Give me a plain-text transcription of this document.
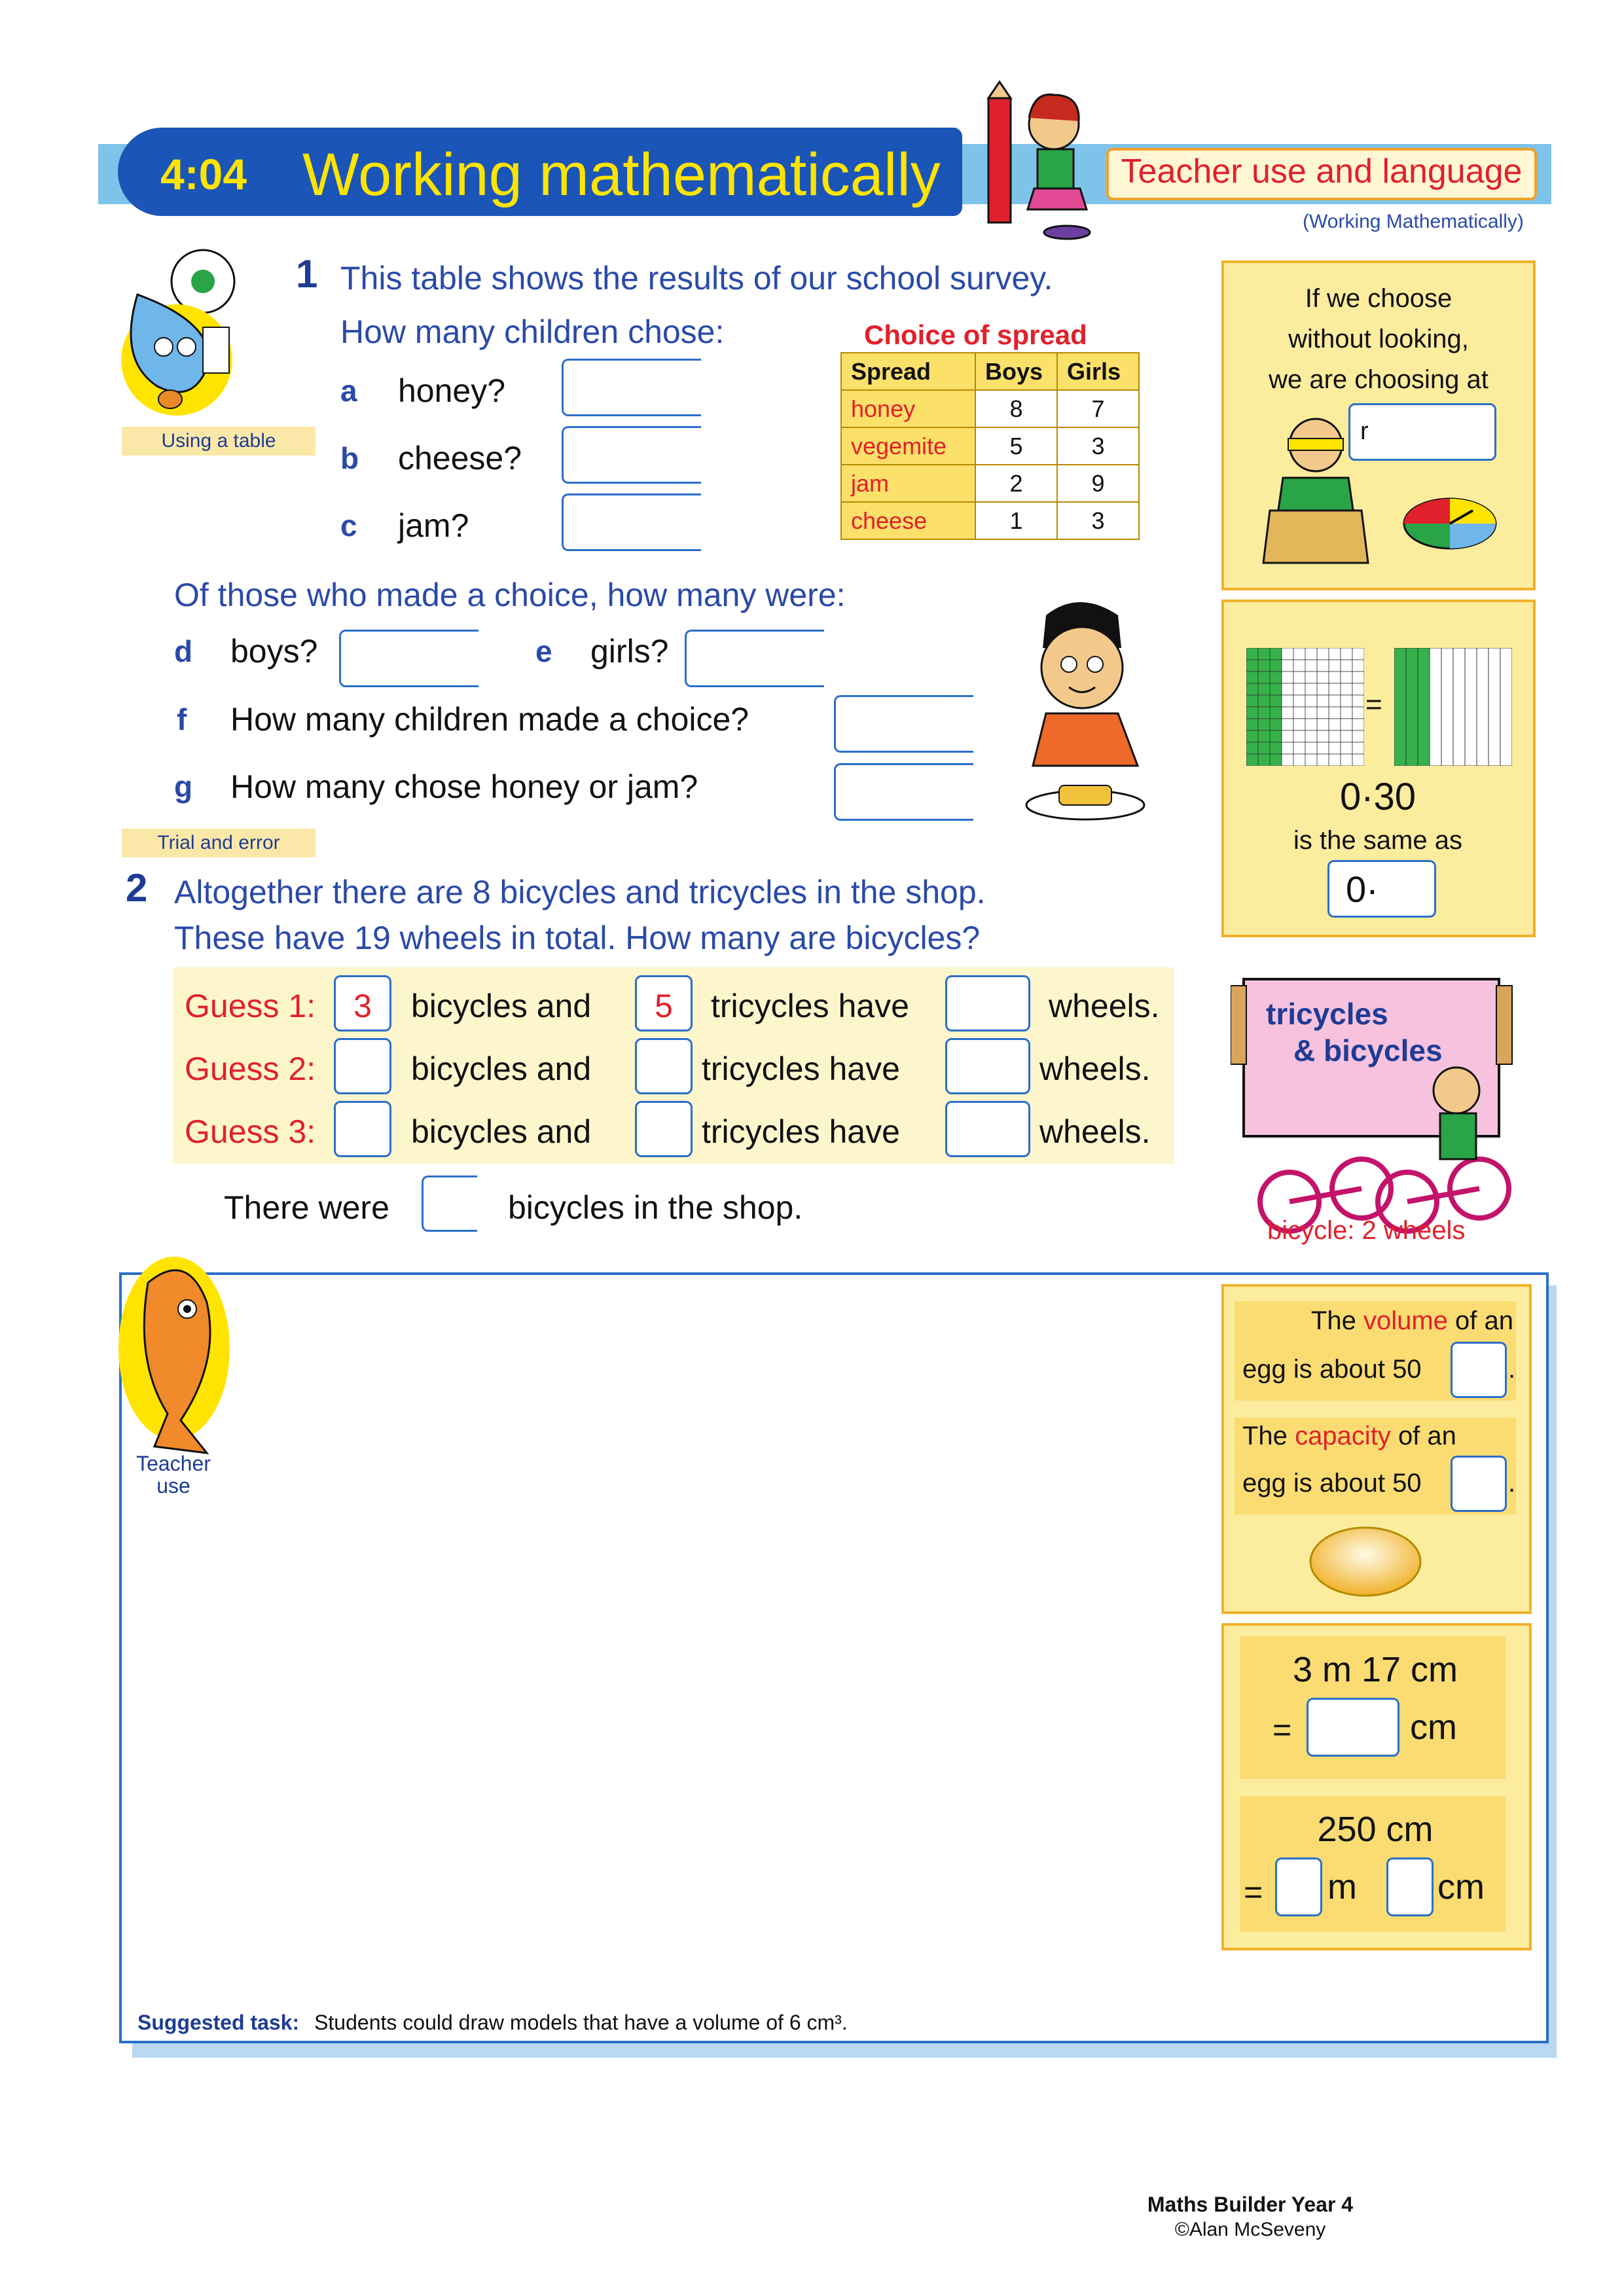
4:04 Working mathematically	Teacher use and language
(Working Mathematically)
Using a table
1 This table shows the results of our school survey.
How many children chose:
a honey?
b cheese?
c jam?
Choice of spread
Spread	Boys	Girls
honey	8	7
vegemite	5	3
jam	2	9
cheese	1	3
Of those who made a choice, how many were:
d boys?	e girls?
f How many children made a choice?
g How many chose honey or jam?
Trial and error
2 Altogether there are 8 bicycles and tricycles in the shop.
These have 19 wheels in total. How many are bicycles?
Guess 1:	3	bicycles and	5	tricycles have	wheels.
Guess 2:	bicycles and	tricycles have	wheels.
Guess 3:	bicycles and	tricycles have	wheels.
There were	bicycles in the shop.
If we choose
without looking,
we are choosing at
r
=
0·30
is the same as
0·
tricycles
& bicycles
bicycle: 2 wheels
Teacher
use
The volume of an
egg is about 50	.
The capacity of an
egg is about 50	.
3 m 17 cm
=	cm
250 cm
= m cm
Suggested task: Students could draw models that have a volume of 6 cm³.
Maths Builder Year 4
©Alan McSeveny
